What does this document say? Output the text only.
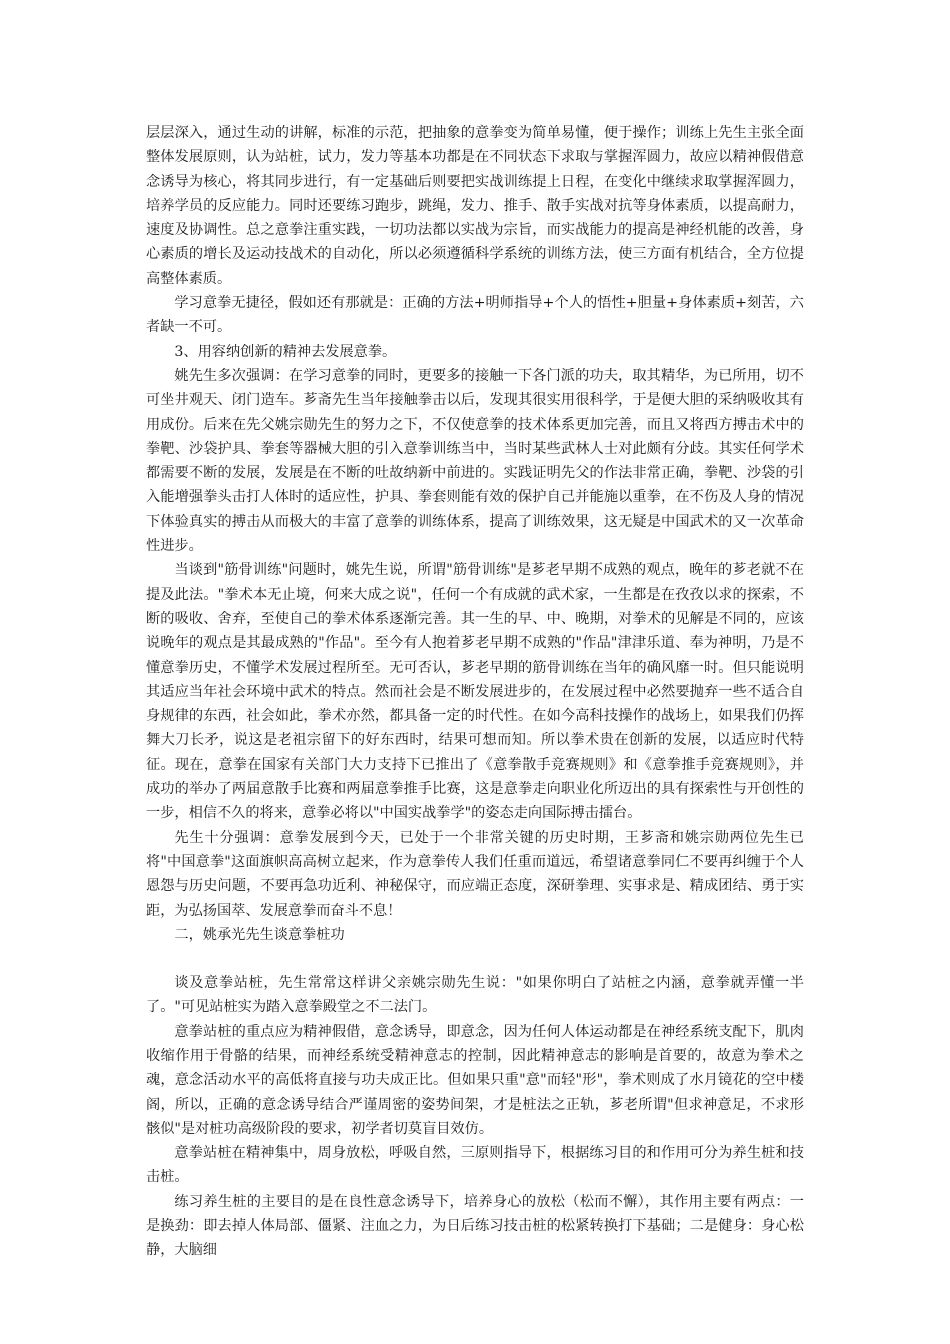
层层深入，通过生动的讲解，标准的示范，把抽象的意拳变为简单易懂，便于操作；训练上先生主张全面整体发展原则，认为站桩，试力，发力等基本功都是在不同状态下求取与掌握浑圆力，故应以精神假借意念诱导为核心，将其同步进行，有一定基础后则要把实战训练提上日程，在变化中继续求取掌握浑圆力，培养学员的反应能力。同时还要练习跑步，跳绳，发力、推手、散手实战对抗等身体素质，以提高耐力，速度及协调性。总之意拳注重实践，一切功法都以实战为宗旨，而实战能力的提高是神经机能的改善，身心素质的增长及运动技战术的自动化，所以必须遵循科学系统的训练方法，使三方面有机结合，全方位提高整体素质。

学习意拳无捷径，假如还有那就是：正确的方法+明师指导+个人的悟性+胆量+身体素质+刻苦，六者缺一不可。

3、用容纳创新的精神去发展意拳。

姚先生多次强调：在学习意拳的同时，更要多的接触一下各门派的功夫，取其精华，为已所用，切不可坐井观天、闭门造车。芗斋先生当年接触拳击以后，发现其很实用很科学，于是便大胆的采纳吸收其有用成份。后来在先父姚宗勋先生的努力之下，不仅使意拳的技术体系更加完善，而且又将西方搏击术中的拳靶、沙袋护具、拳套等器械大胆的引入意拳训练当中，当时某些武林人士对此颇有分歧。其实任何学术都需要不断的发展，发展是在不断的吐故纳新中前进的。实践证明先父的作法非常正确，拳靶、沙袋的引入能增强拳头击打人体时的适应性，护具、拳套则能有效的保护自己并能施以重拳，在不伤及人身的情况下体验真实的搏击从而极大的丰富了意拳的训练体系，提高了训练效果，这无疑是中国武术的又一次革命性进步。

当谈到"筋骨训练"问题时，姚先生说，所谓"筋骨训练"是芗老早期不成熟的观点，晚年的芗老就不在提及此法。"拳术本无止境，何来大成之说"，任何一个有成就的武术家，一生都是在孜孜以求的探索，不断的吸收、舍弃，至使自己的拳术体系逐渐完善。其一生的早、中、晚期，对拳术的见解是不同的，应该说晚年的观点是其最成熟的"作品"。至今有人抱着芗老早期不成熟的"作品"津津乐道、奉为神明，乃是不懂意拳历史，不懂学术发展过程所至。无可否认，芗老早期的筋骨训练在当年的确风靡一时。但只能说明其适应当年社会环境中武术的特点。然而社会是不断发展进步的，在发展过程中必然要抛弃一些不适合自身规律的东西，社会如此，拳术亦然，都具备一定的时代性。在如今高科技操作的战场上，如果我们仍挥舞大刀长矛，说这是老祖宗留下的好东西时，结果可想而知。所以拳术贵在创新的发展，以适应时代特征。现在，意拳在国家有关部门大力支持下已推出了《意拳散手竞赛规则》和《意拳推手竞赛规则》，并成功的举办了两届意散手比赛和两届意拳推手比赛，这是意拳走向职业化所迈出的具有探索性与开创性的一步，相信不久的将来，意拳必将以"中国实战拳学"的姿态走向国际搏击擂台。

先生十分强调：意拳发展到今天，已处于一个非常关键的历史时期，王芗斋和姚宗勋两位先生已将"中国意拳"这面旗帜高高树立起来，作为意拳传人我们任重而道远，希望诸意拳同仁不要再纠缠于个人恩怨与历史问题，不要再急功近利、神秘保守，而应端正态度，深研拳理、实事求是、精成团结、勇于实距，为弘扬国萃、发展意拳而奋斗不息！

二，姚承光先生谈意拳桩功

谈及意拳站桩，先生常常这样讲父亲姚宗勋先生说："如果你明白了站桩之内涵，意拳就弄懂一半了。"可见站桩实为踏入意拳殿堂之不二法门。

意拳站桩的重点应为精神假借，意念诱导，即意念，因为任何人体运动都是在神经系统支配下，肌肉收缩作用于骨骼的结果，而神经系统受精神意志的控制，因此精神意志的影响是首要的，故意为拳术之魂，意念活动水平的高低将直接与功夫成正比。但如果只重"意"而轻"形"，拳术则成了水月镜花的空中楼阁，所以，正确的意念诱导结合严谨周密的姿势间架，才是桩法之正轨，芗老所谓"但求神意足，不求形骸似"是对桩功高级阶段的要求，初学者切莫盲目效仿。

意拳站桩在精神集中，周身放松，呼吸自然，三原则指导下，根据练习目的和作用可分为养生桩和技击桩。

练习养生桩的主要目的是在良性意念诱导下，培养身心的放松（松而不懈），其作用主要有两点：一是换劲：即去掉人体局部、僵紧、注血之力，为日后练习技击桩的松紧转换打下基础；二是健身：身心松静，大脑细
